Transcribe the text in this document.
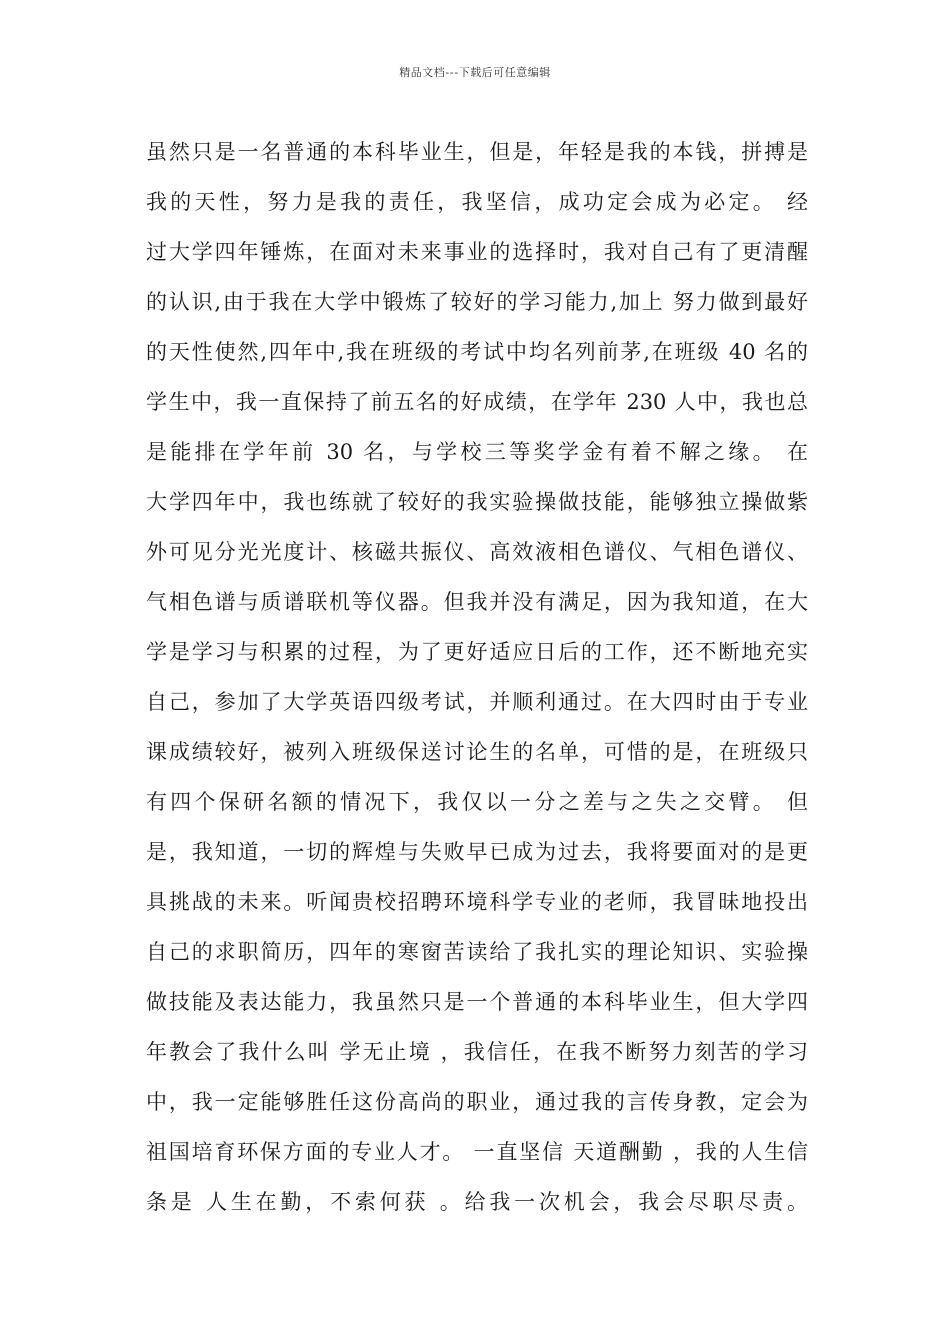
精品文档---下载后可任意编辑
虽然只是一名普通的本科毕业生，但是，年轻是我的本钱，拼搏是
我的天性，努力是我的责任，我坚信，成功定会成为必定。 经
过大学四年锤炼，在面对未来事业的选择时，我对自己有了更清醒
的认识,由于我在大学中锻炼了较好的学习能力,加上 努力做到最好
的天性使然,四年中,我在班级的考试中均名列前茅,在班级 40 名的
学生中，我一直保持了前五名的好成绩，在学年 230 人中，我也总
是能排在学年前 30 名，与学校三等奖学金有着不解之缘。 在
大学四年中，我也练就了较好的我实验操做技能，能够独立操做紫
外可见分光光度计、核磁共振仪、高效液相色谱仪、气相色谱仪、
气相色谱与质谱联机等仪器。但我并没有满足，因为我知道，在大
学是学习与积累的过程，为了更好适应日后的工作，还不断地充实
自己，参加了大学英语四级考试，并顺利通过。在大四时由于专业
课成绩较好，被列入班级保送讨论生的名单，可惜的是，在班级只
有四个保研名额的情况下，我仅以一分之差与之失之交臂。 但
是，我知道，一切的辉煌与失败早已成为过去，我将要面对的是更
具挑战的未来。听闻贵校招聘环境科学专业的老师，我冒昧地投出
自己的求职简历，四年的寒窗苦读给了我扎实的理论知识、实验操
做技能及表达能力，我虽然只是一个普通的本科毕业生，但大学四
年教会了我什么叫 学无止境 ，我信任，在我不断努力刻苦的学习
中，我一定能够胜任这份高尚的职业，通过我的言传身教，定会为
祖国培育环保方面的专业人才。 一直坚信 天道酬勤 ，我的人生信
条是 人生在勤，不索何获 。给我一次机会，我会尽职尽责。
